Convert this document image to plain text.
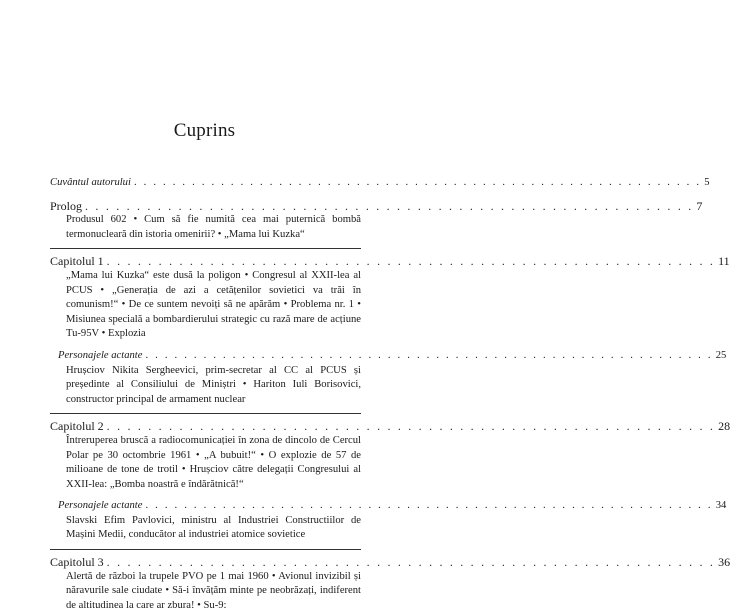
Cuprins
Cuvântul autorului . . . . . . . . . . . . . . . . . . . . . . . . . . . . . . . . . . . . . . . . . . . . . . . . . . . . . . . . . . . 5
Prolog . . . . . . . . . . . . . . . . . . . . . . . . . . . . . . . . . . . . . . . . . . . . . . . . . . . . . . . . . . . 7
Produsul 602 • Cum să fie numită cea mai puternică bombă termonucleară din istoria omenirii? • „Mama lui Kuzka“
Capitolul 1 . . . . . . . . . . . . . . . . . . . . . . . . . . . . . . . . . . . . . . . . . . . . . . . . . . . . . . . . . . . 11
„Mama lui Kuzka“ este dusă la poligon • Congresul al XXII-lea al PCUS • „Generația de azi a cetățenilor sovietici va trăi în comunism!“ • De ce suntem nevoiți să ne apărăm • Problema nr. 1 • Misiunea specială a bombardierului strategic cu rază mare de acțiune Tu-95V • Explozia
Personajele actante . . . . . . . . . . . . . . . . . . . . . . . . . . . . . . . . . . . . . . . . . . . . . . . . . . . . . . . . . . . 25
Hrușciov Nikita Sergheevici, prim-secretar al CC al PCUS și președinte al Consiliului de Miniștri • Hariton Iuli Borisovici, constructor principal de armament nuclear
Capitolul 2 . . . . . . . . . . . . . . . . . . . . . . . . . . . . . . . . . . . . . . . . . . . . . . . . . . . . . . . . . . . 28
Întreruperea bruscă a radiocomunicației în zona de dincolo de Cercul Polar pe 30 octombrie 1961 • „A bubuit!“ • O explozie de 57 de milioane de tone de trotil • Hrușciov către delegații Congresului al XXII-lea: „Bomba noastră e îndărătnică!“
Personajele actante . . . . . . . . . . . . . . . . . . . . . . . . . . . . . . . . . . . . . . . . . . . . . . . . . . . . . . . . . . . 34
Slavski Efim Pavlovici, ministru al Industriei Constructiilor de Mașini Medii, conducător al industriei atomice sovietice
Capitolul 3 . . . . . . . . . . . . . . . . . . . . . . . . . . . . . . . . . . . . . . . . . . . . . . . . . . . . . . . . . . . 36
Alertă de război la trupele PVO pe 1 mai 1960 • Avionul invizibil și năravurile sale ciudate • Să-i învățăm minte pe neobrăzați, indiferent de altitudinea la care ar zbura! • Su-9:
